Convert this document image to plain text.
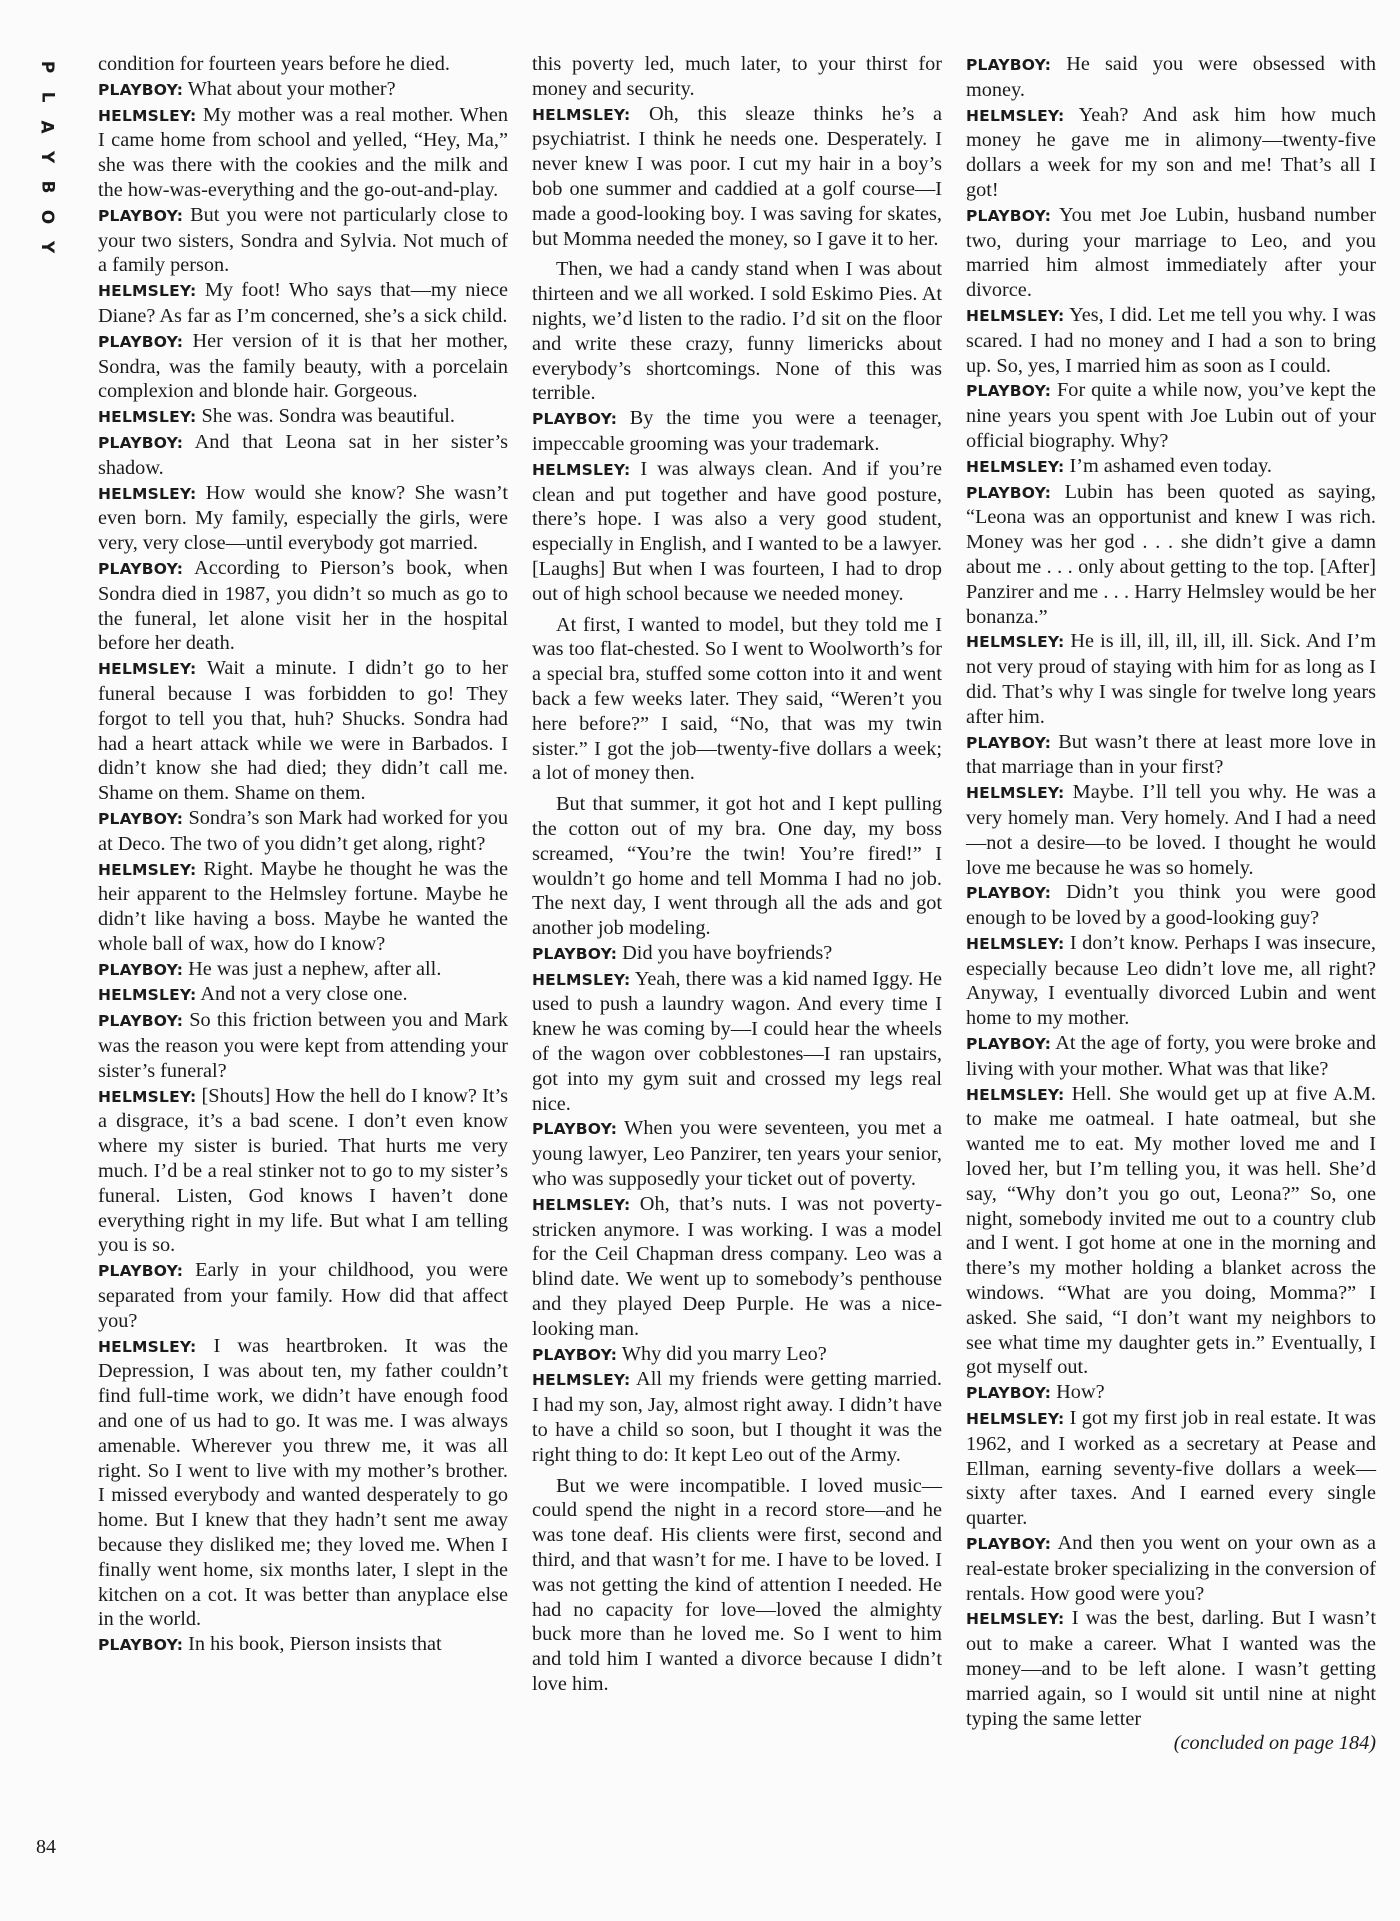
P
L
A
Y
B
O
Y
84

condition for fourteen years before he died.

PLAYBOY: What about your mother?

HELMSLEY: My mother was a real mother. When I came home from school and yelled, “Hey, Ma,” she was there with the cookies and the milk and the how-was-everything and the go-out-and-play.

PLAYBOY: But you were not particularly close to your two sisters, Sondra and Sylvia. Not much of a family person.

HELMSLEY: My foot! Who says that—my niece Diane? As far as I’m concerned, she’s a sick child.

PLAYBOY: Her version of it is that her mother, Sondra, was the family beauty, with a porcelain complexion and blonde hair. Gorgeous.

HELMSLEY: She was. Sondra was beautiful.

PLAYBOY: And that Leona sat in her sister’s shadow.

HELMSLEY: How would she know? She wasn’t even born. My family, especially the girls, were very, very close—until everybody got married.

PLAYBOY: According to Pierson’s book, when Sondra died in 1987, you didn’t so much as go to the funeral, let alone visit her in the hospital before her death.

HELMSLEY: Wait a minute. I didn’t go to her funeral because I was forbidden to go! They forgot to tell you that, huh? Shucks. Sondra had had a heart attack while we were in Barbados. I didn’t know she had died; they didn’t call me. Shame on them. Shame on them.

PLAYBOY: Sondra’s son Mark had worked for you at Deco. The two of you didn’t get along, right?

HELMSLEY: Right. Maybe he thought he was the heir apparent to the Helmsley fortune. Maybe he didn’t like having a boss. Maybe he wanted the whole ball of wax, how do I know?

PLAYBOY: He was just a nephew, after all.

HELMSLEY: And not a very close one.

PLAYBOY: So this friction between you and Mark was the reason you were kept from attending your sister’s funeral?

HELMSLEY: [Shouts] How the hell do I know? It’s a disgrace, it’s a bad scene. I don’t even know where my sister is buried. That hurts me very much. I’d be a real stinker not to go to my sister’s funeral. Listen, God knows I haven’t done everything right in my life. But what I am telling you is so.

PLAYBOY: Early in your childhood, you were separated from your family. How did that affect you?

HELMSLEY: I was heartbroken. It was the Depression, I was about ten, my father couldn’t find full-time work, we didn’t have enough food and one of us had to go. It was me. I was always amenable. Wherever you threw me, it was all right. So I went to live with my mother’s brother. I missed everybody and wanted desperately to go home. But I knew that they hadn’t sent me away because they disliked me; they loved me. When I finally went home, six months later, I slept in the kitchen on a cot. It was better than anyplace else in the world.

PLAYBOY: In his book, Pierson insists that

this poverty led, much later, to your thirst for money and security.

HELMSLEY: Oh, this sleaze thinks he’s a psychiatrist. I think he needs one. Desperately. I never knew I was poor. I cut my hair in a boy’s bob one summer and caddied at a golf course—I made a good-looking boy. I was saving for skates, but Momma needed the money, so I gave it to her.

Then, we had a candy stand when I was about thirteen and we all worked. I sold Eskimo Pies. At nights, we’d listen to the radio. I’d sit on the floor and write these crazy, funny limericks about everybody’s shortcomings. None of this was terrible.

PLAYBOY: By the time you were a teenager, impeccable grooming was your trademark.

HELMSLEY: I was always clean. And if you’re clean and put together and have good posture, there’s hope. I was also a very good student, especially in English, and I wanted to be a lawyer. [Laughs] But when I was fourteen, I had to drop out of high school because we needed money.

At first, I wanted to model, but they told me I was too flat-chested. So I went to Woolworth’s for a special bra, stuffed some cotton into it and went back a few weeks later. They said, “Weren’t you here before?” I said, “No, that was my twin sister.” I got the job—twenty-five dollars a week; a lot of money then.

But that summer, it got hot and I kept pulling the cotton out of my bra. One day, my boss screamed, “You’re the twin! You’re fired!” I wouldn’t go home and tell Momma I had no job. The next day, I went through all the ads and got another job modeling.

PLAYBOY: Did you have boyfriends?

HELMSLEY: Yeah, there was a kid named Iggy. He used to push a laundry wagon. And every time I knew he was coming by—I could hear the wheels of the wagon over cobblestones—I ran upstairs, got into my gym suit and crossed my legs real nice.

PLAYBOY: When you were seventeen, you met a young lawyer, Leo Panzirer, ten years your senior, who was supposedly your ticket out of poverty.

HELMSLEY: Oh, that’s nuts. I was not poverty-stricken anymore. I was working. I was a model for the Ceil Chapman dress company. Leo was a blind date. We went up to somebody’s penthouse and they played Deep Purple. He was a nice-looking man.

PLAYBOY: Why did you marry Leo?

HELMSLEY: All my friends were getting married. I had my son, Jay, almost right away. I didn’t have to have a child so soon, but I thought it was the right thing to do: It kept Leo out of the Army.

But we were incompatible. I loved music—could spend the night in a record store—and he was tone deaf. His clients were first, second and third, and that wasn’t for me. I have to be loved. I was not getting the kind of attention I needed. He had no capacity for love—loved the almighty buck more than he loved me. So I went to him and told him I wanted a divorce because I didn’t love him.

PLAYBOY: He said you were obsessed with money.

HELMSLEY: Yeah? And ask him how much money he gave me in alimony—twenty-five dollars a week for my son and me! That’s all I got!

PLAYBOY: You met Joe Lubin, husband number two, during your marriage to Leo, and you married him almost immediately after your divorce.

HELMSLEY: Yes, I did. Let me tell you why. I was scared. I had no money and I had a son to bring up. So, yes, I married him as soon as I could.

PLAYBOY: For quite a while now, you’ve kept the nine years you spent with Joe Lubin out of your official biography. Why?

HELMSLEY: I’m ashamed even today.

PLAYBOY: Lubin has been quoted as saying, “Leona was an opportunist and knew I was rich. Money was her god . . . she didn’t give a damn about me . . . only about getting to the top. [After] Panzirer and me . . . Harry Helmsley would be her bonanza.”

HELMSLEY: He is ill, ill, ill, ill, ill. Sick. And I’m not very proud of staying with him for as long as I did. That’s why I was single for twelve long years after him.

PLAYBOY: But wasn’t there at least more love in that marriage than in your first?

HELMSLEY: Maybe. I’ll tell you why. He was a very homely man. Very homely. And I had a need—not a desire—to be loved. I thought he would love me because he was so homely.

PLAYBOY: Didn’t you think you were good enough to be loved by a good-looking guy?

HELMSLEY: I don’t know. Perhaps I was insecure, especially because Leo didn’t love me, all right? Anyway, I eventually divorced Lubin and went home to my mother.

PLAYBOY: At the age of forty, you were broke and living with your mother. What was that like?

HELMSLEY: Hell. She would get up at five A.M. to make me oatmeal. I hate oatmeal, but she wanted me to eat. My mother loved me and I loved her, but I’m telling you, it was hell. She’d say, “Why don’t you go out, Leona?” So, one night, somebody invited me out to a country club and I went. I got home at one in the morning and there’s my mother holding a blanket across the windows. “What are you doing, Momma?” I asked. She said, “I don’t want my neighbors to see what time my daughter gets in.” Eventually, I got myself out.

PLAYBOY: How?

HELMSLEY: I got my first job in real estate. It was 1962, and I worked as a secretary at Pease and Ellman, earning seventy-five dollars a week—sixty after taxes. And I earned every single quarter.

PLAYBOY: And then you went on your own as a real-estate broker specializing in the conversion of rentals. How good were you?

HELMSLEY: I was the best, darling. But I wasn’t out to make a career. What I wanted was the money—and to be left alone. I wasn’t getting married again, so I would sit until nine at night typing the same letter

(concluded on page 184)
